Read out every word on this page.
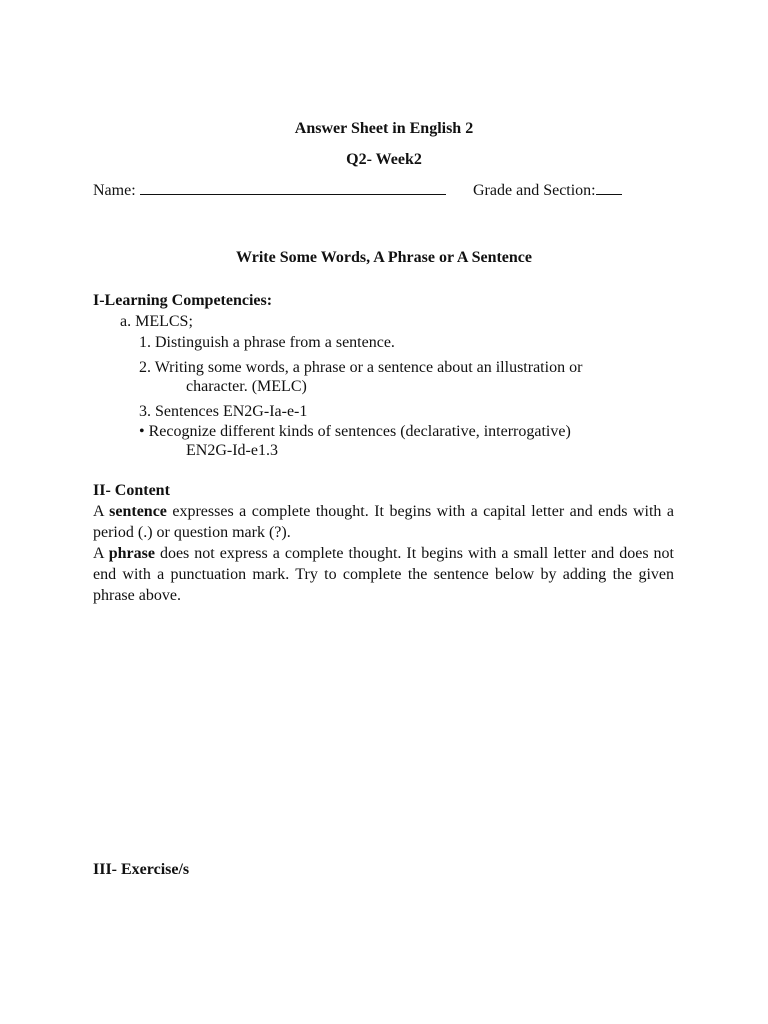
Answer Sheet in English 2
Q2- Week2
Name:	Grade and Section:
Write Some Words, A Phrase or A Sentence
I-Learning Competencies:
a. MELCS;
1. Distinguish a phrase from a sentence.
2. Writing some words, a phrase or a sentence about an illustration or
character. (MELC)
3. Sentences EN2G-Ia-e-1
• Recognize different kinds of sentences (declarative, interrogative)
EN2G-Id-e1.3
II- Content
A sentence expresses a complete thought. It begins with a capital letter and ends with a period (.) or question mark (?).
A phrase does not express a complete thought. It begins with a small letter and does not end with a punctuation mark. Try to complete the sentence below by adding the given phrase above.
III- Exercise/s
